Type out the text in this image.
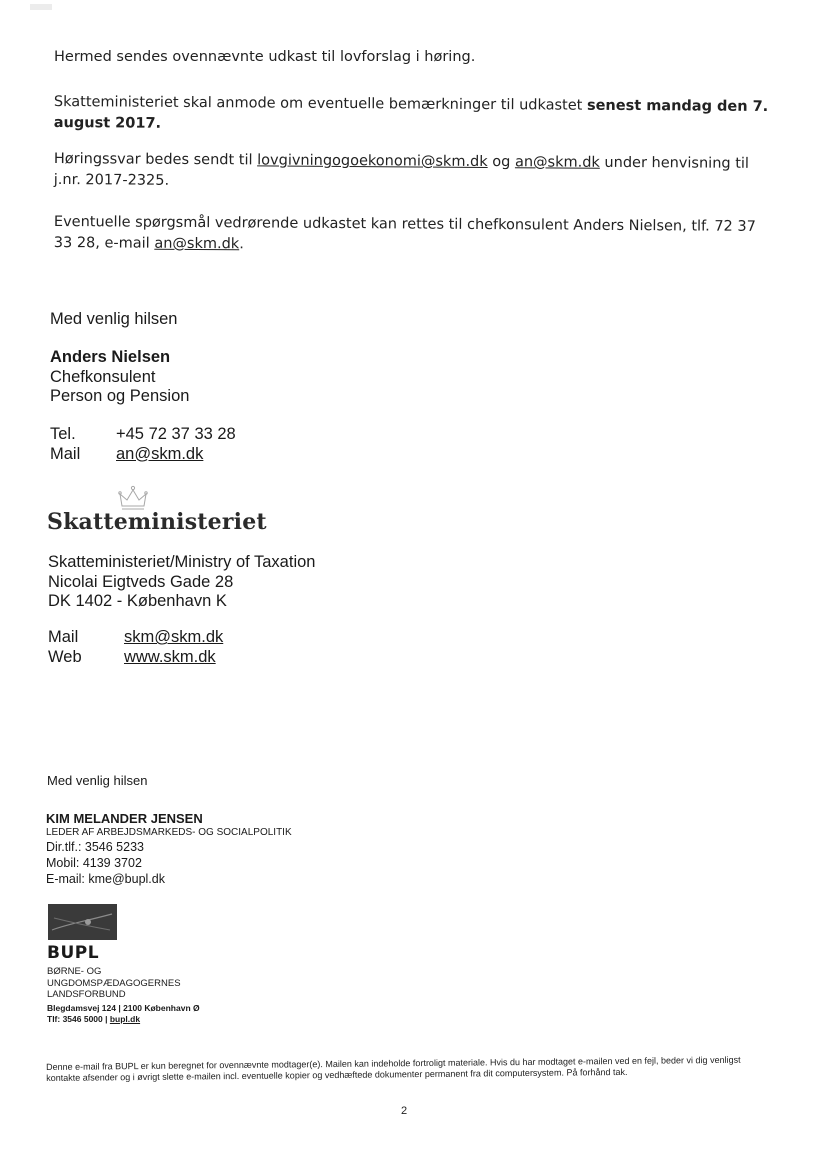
Hermed sendes ovennævnte udkast til lovforslag i høring.

Skatteministeriet skal anmode om eventuelle bemærkninger til udkastet senest mandag den 7. august 2017.

Høringssvar bedes sendt til lovgivningogoekonomi@skm.dk og an@skm.dk under henvisning til j.nr. 2017-2325.

Eventuelle spørgsmål vedrørende udkastet kan rettes til chefkonsulent Anders Nielsen, tlf. 72 37 33 28, e-mail an@skm.dk.

Med venlig hilsen
Anders Nielsen
Chefkonsulent
Person og Pension
Tel.	+45 72 37 33 28
Mail	an@skm.dk
Skatteministeriet
Skatteministeriet/Ministry of Taxation
Nicolai Eigtveds Gade 28
DK 1402 - København K
Mail	skm@skm.dk
Web	www.skm.dk
Med venlig hilsen
KIM MELANDER JENSEN
LEDER AF ARBEJDSMARKEDS- OG SOCIALPOLITIK
Dir.tlf.: 3546 5233
Mobil: 4139 3702
E-mail: kme@bupl.dk
BUPL
BØRNE- OG
UNGDOMSPÆDAGOGERNES
LANDSFORBUND
Blegdamsvej 124 | 2100 København Ø
Tlf: 3546 5000 | bupl.dk
Denne e-mail fra BUPL er kun beregnet for ovennævnte modtager(e). Mailen kan indeholde fortroligt materiale. Hvis du har modtaget e-mailen ved en fejl, beder vi dig venligst kontakte afsender og i øvrigt slette e-mailen incl. eventuelle kopier og vedhæftede dokumenter permanent fra dit computersystem. På forhånd tak.
2
